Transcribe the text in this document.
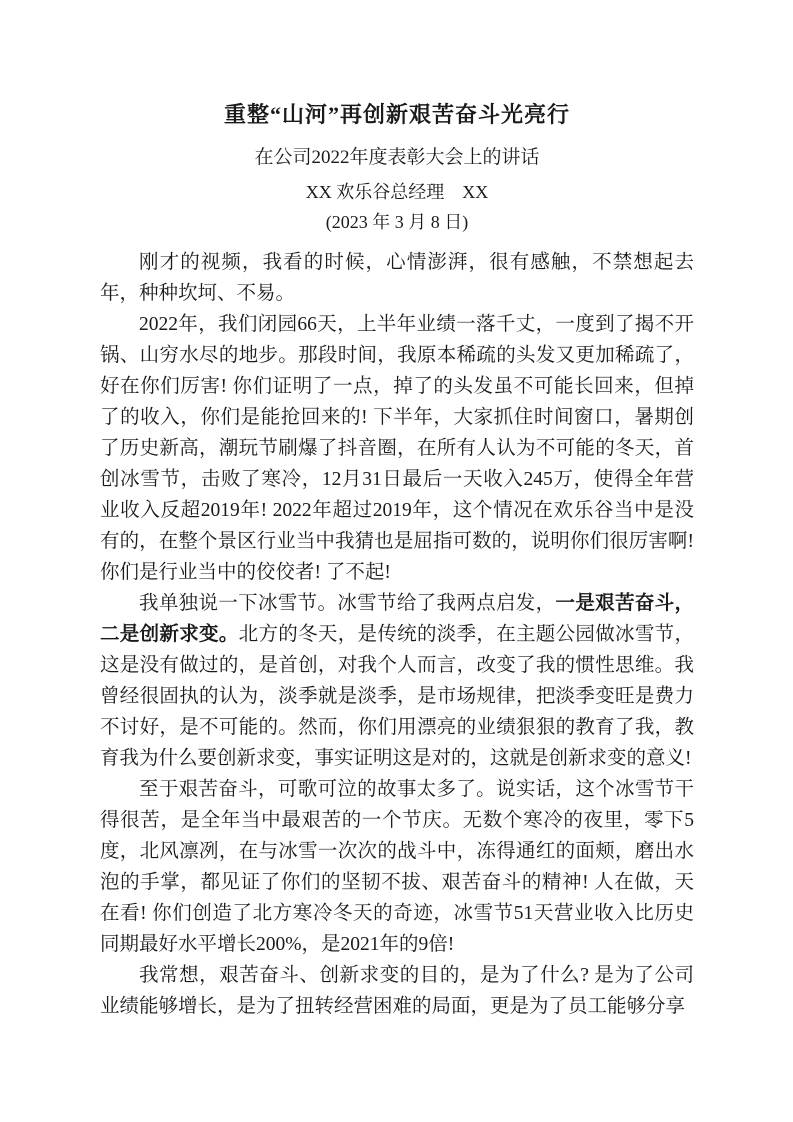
重整“山河”再创新艰苦奋斗光亮行
在公司2022年度表彰大会上的讲话
XX 欢乐谷总经理　XX
(2023 年 3 月 8 日)

刚才的视频，我看的时候，心情澎湃，很有感触，不禁想起去年，种种坎坷、不易。

2022年，我们闭园66天，上半年业绩一落千丈，一度到了揭不开锅、山穷水尽的地步。那段时间，我原本稀疏的头发又更加稀疏了，好在你们厉害! 你们证明了一点，掉了的头发虽不可能长回来，但掉了的收入，你们是能抢回来的! 下半年，大家抓住时间窗口，暑期创了历史新高，潮玩节刷爆了抖音圈，在所有人认为不可能的冬天，首创冰雪节，击败了寒冷，12月31日最后一天收入245万，使得全年营业收入反超2019年! 2022年超过2019年，这个情况在欢乐谷当中是没有的，在整个景区行业当中我猜也是屈指可数的，说明你们很厉害啊! 你们是行业当中的佼佼者! 了不起!

我单独说一下冰雪节。冰雪节给了我两点启发，一是艰苦奋斗，二是创新求变。北方的冬天，是传统的淡季，在主题公园做冰雪节，这是没有做过的，是首创，对我个人而言，改变了我的惯性思维。我曾经很固执的认为，淡季就是淡季，是市场规律，把淡季变旺是费力不讨好，是不可能的。然而，你们用漂亮的业绩狠狠的教育了我，教育我为什么要创新求变，事实证明这是对的，这就是创新求变的意义!

至于艰苦奋斗，可歌可泣的故事太多了。说实话，这个冰雪节干得很苦，是全年当中最艰苦的一个节庆。无数个寒冷的夜里，零下5度，北风凛冽，在与冰雪一次次的战斗中，冻得通红的面颊，磨出水泡的手掌，都见证了你们的坚韧不拔、艰苦奋斗的精神! 人在做，天在看! 你们创造了北方寒冷冬天的奇迹，冰雪节51天营业收入比历史同期最好水平增长200%，是2021年的9倍!

我常想，艰苦奋斗、创新求变的目的，是为了什么? 是为了公司业绩能够增长，是为了扭转经营困难的局面，更是为了员工能够分享
